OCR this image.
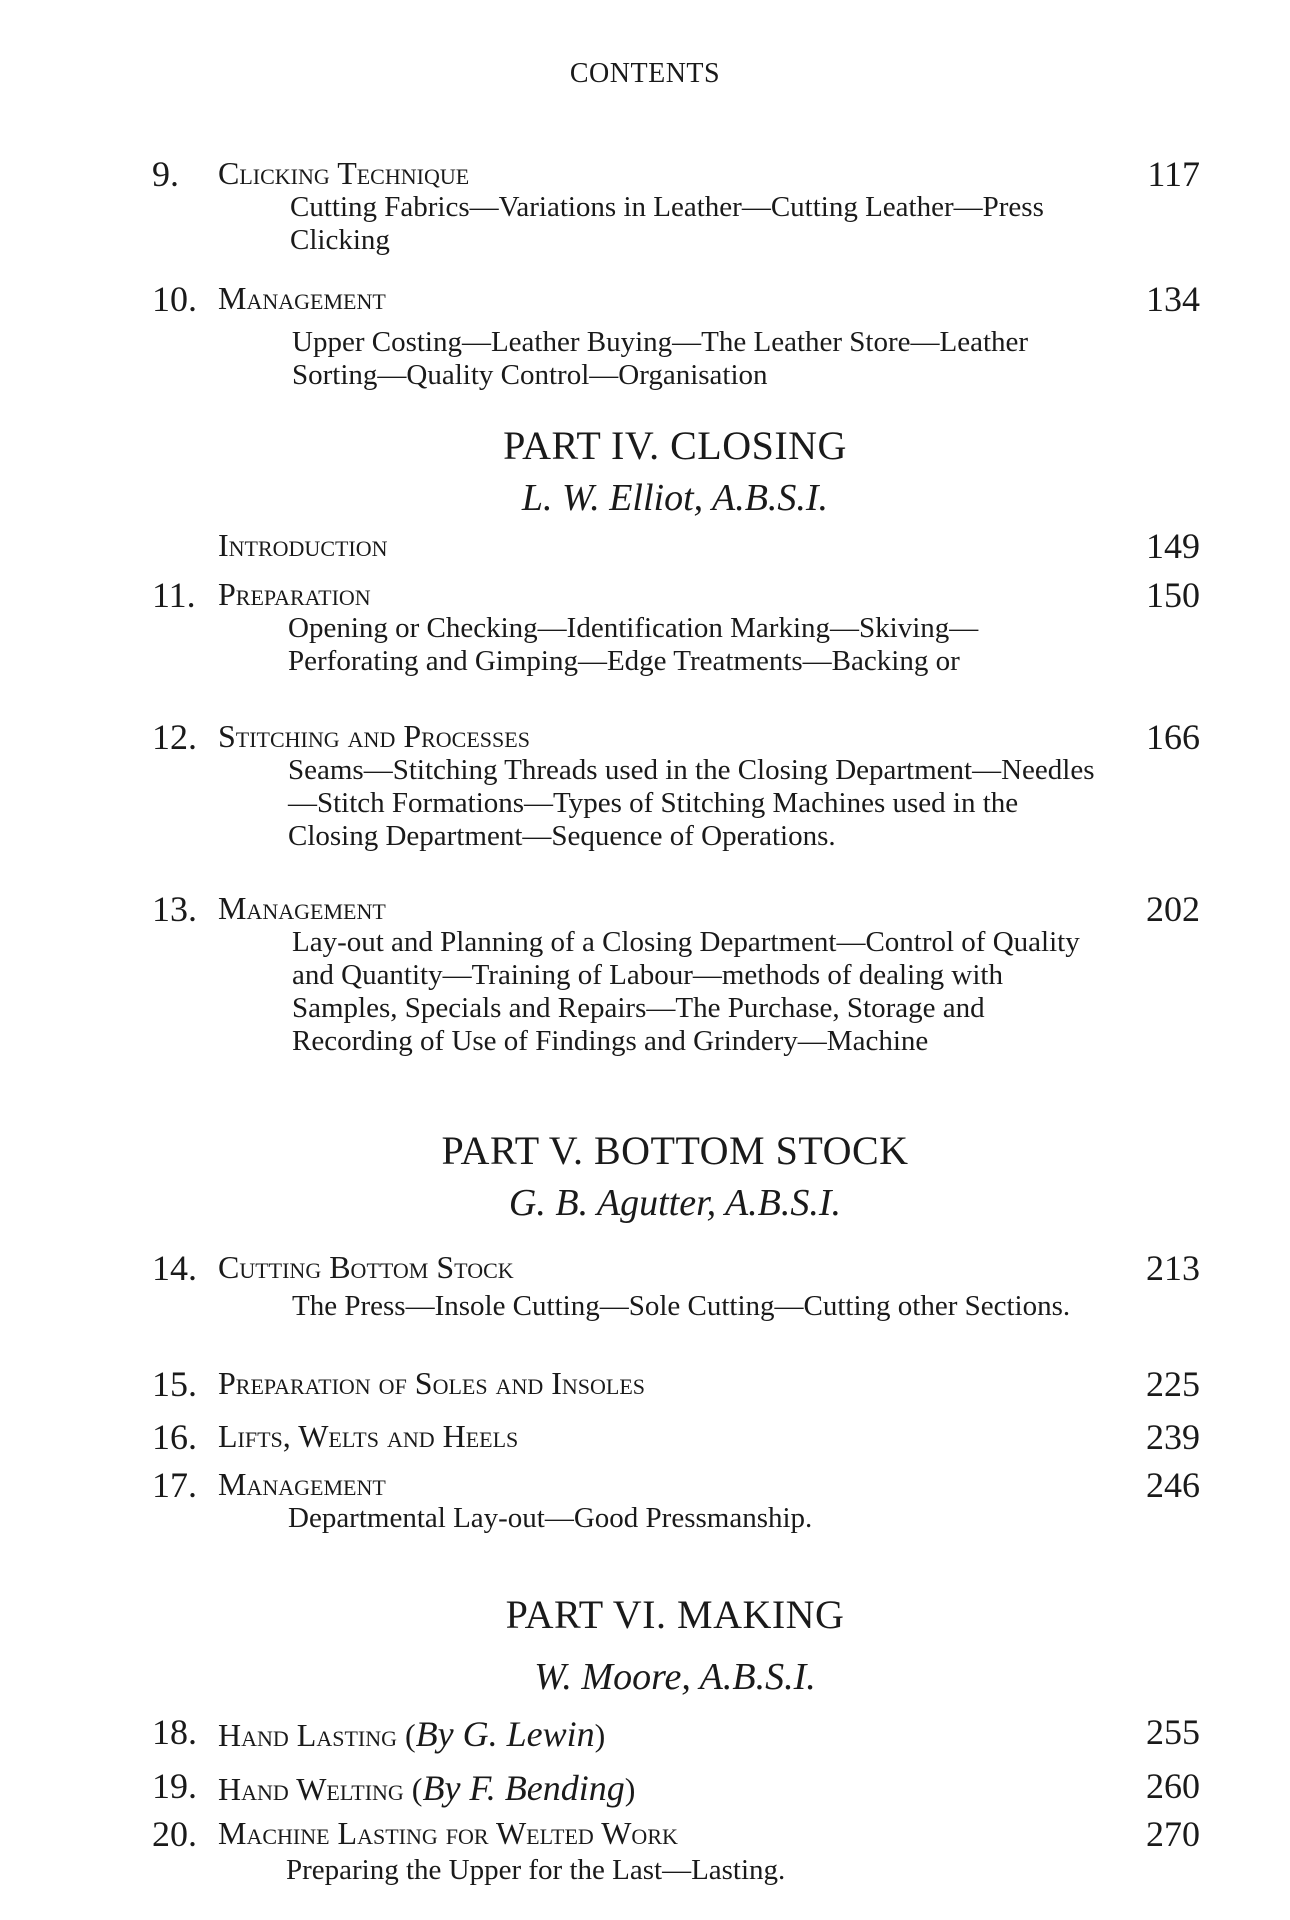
CONTENTS
9. Clicking Technique	117
Cutting Fabrics—Variations in Leather—Cutting Leather—Press Clicking
10. Management	134
Upper Costing—Leather Buying—The Leather Store—Leather Sorting—Quality Control—Organisation
PART IV. CLOSING
L. W. Elliot, A.B.S.I.
Introduction	149
11. Preparation	150
Opening or Checking—Identification Marking—Skiving—Perforating and Gimping—Edge Treatments—Backing or
12. Stitching and Processes	166
Seams—Stitching Threads used in the Closing Department—Needles—Stitch Formations—Types of Stitching Machines used in the Closing Department—Sequence of Operations.
13. Management	202
Lay-out and Planning of a Closing Department—Control of Quality and Quantity—Training of Labour—methods of dealing with Samples, Specials and Repairs—The Purchase, Storage and Recording of Use of Findings and Grindery—Machine
PART V. BOTTOM STOCK
G. B. Agutter, A.B.S.I.
14. Cutting Bottom Stock	213
The Press—Insole Cutting—Sole Cutting—Cutting other Sections.
15. Preparation of Soles and Insoles	225
16. Lifts, Welts and Heels	239
17. Management	246
Departmental Lay-out—Good Pressmanship.
PART VI. MAKING
W. Moore, A.B.S.I.
18. Hand Lasting (By G. Lewin)	255
19. Hand Welting (By F. Bending)	260
20. Machine Lasting for Welted Work	270
Preparing the Upper for the Last—Lasting.
